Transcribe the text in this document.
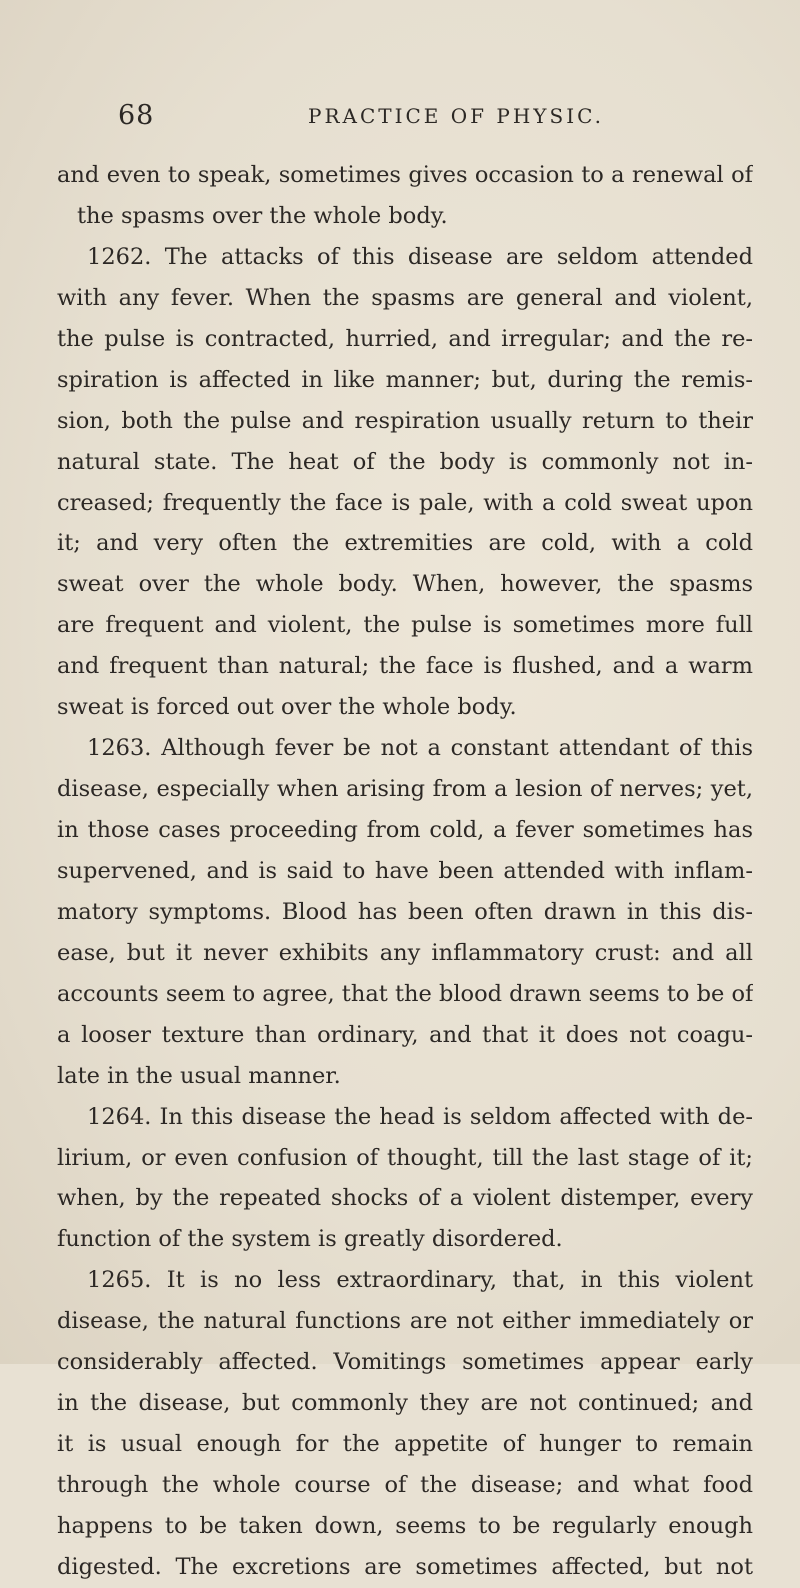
68	PRACTICE OF PHYSIC.
and even to speak, sometimes gives occasion to a renewal of
the spasms over the whole body.
1262. The attacks of this disease are seldom attended
with any fever. When the spasms are general and violent,
the pulse is contracted, hurried, and irregular; and the re-
spiration is affected in like manner; but, during the remis-
sion, both the pulse and respiration usually return to their
natural state. The heat of the body is commonly not in-
creased; frequently the face is pale, with a cold sweat upon
it; and very often the extremities are cold, with a cold
sweat over the whole body. When, however, the spasms
are frequent and violent, the pulse is sometimes more full
and frequent than natural; the face is flushed, and a warm
sweat is forced out over the whole body.
1263. Although fever be not a constant attendant of this
disease, especially when arising from a lesion of nerves; yet,
in those cases proceeding from cold, a fever sometimes has
supervened, and is said to have been attended with inflam-
matory symptoms. Blood has been often drawn in this dis-
ease, but it never exhibits any inflammatory crust: and all
accounts seem to agree, that the blood drawn seems to be of
a looser texture than ordinary, and that it does not coagu-
late in the usual manner.
1264. In this disease the head is seldom affected with de-
lirium, or even confusion of thought, till the last stage of it;
when, by the repeated shocks of a violent distemper, every
function of the system is greatly disordered.
1265. It is no less extraordinary, that, in this violent
disease, the natural functions are not either immediately or
considerably affected. Vomitings sometimes appear early
in the disease, but commonly they are not continued; and
it is usual enough for the appetite of hunger to remain
through the whole course of the disease; and what food
happens to be taken down, seems to be regularly enough
digested. The excretions are sometimes affected, but not
